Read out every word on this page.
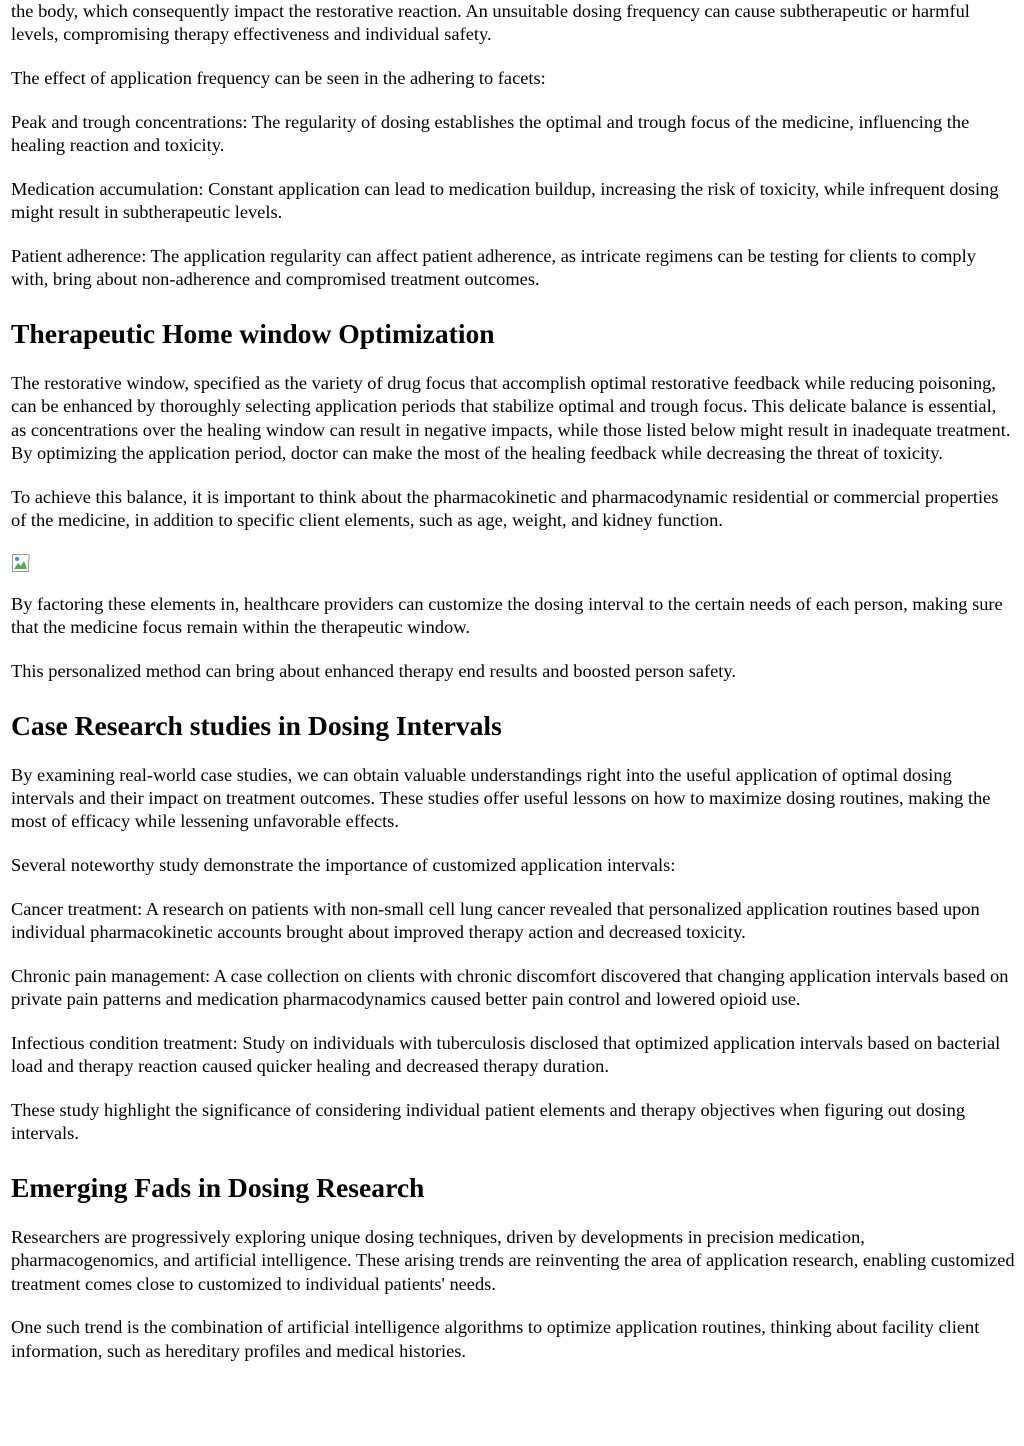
the body, which consequently impact the restorative reaction. An unsuitable dosing frequency can cause subtherapeutic or harmful levels, compromising therapy effectiveness and individual safety.

The effect of application frequency can be seen in the adhering to facets:

Peak and trough concentrations: The regularity of dosing establishes the optimal and trough focus of the medicine, influencing the healing reaction and toxicity.

Medication accumulation: Constant application can lead to medication buildup, increasing the risk of toxicity, while infrequent dosing might result in subtherapeutic levels.

Patient adherence: The application regularity can affect patient adherence, as intricate regimens can be testing for clients to comply with, bring about non-adherence and compromised treatment outcomes.

Therapeutic Home window Optimization

The restorative window, specified as the variety of drug focus that accomplish optimal restorative feedback while reducing poisoning, can be enhanced by thoroughly selecting application periods that stabilize optimal and trough focus. This delicate balance is essential, as concentrations over the healing window can result in negative impacts, while those listed below might result in inadequate treatment. By optimizing the application period, doctor can make the most of the healing feedback while decreasing the threat of toxicity.

To achieve this balance, it is important to think about the pharmacokinetic and pharmacodynamic residential or commercial properties of the medicine, in addition to specific client elements, such as age, weight, and kidney function.

By factoring these elements in, healthcare providers can customize the dosing interval to the certain needs of each person, making sure that the medicine focus remain within the therapeutic window.

This personalized method can bring about enhanced therapy end results and boosted person safety.

Case Research studies in Dosing Intervals

By examining real-world case studies, we can obtain valuable understandings right into the useful application of optimal dosing intervals and their impact on treatment outcomes. These studies offer useful lessons on how to maximize dosing routines, making the most of efficacy while lessening unfavorable effects.

Several noteworthy study demonstrate the importance of customized application intervals:

Cancer treatment: A research on patients with non-small cell lung cancer revealed that personalized application routines based upon individual pharmacokinetic accounts brought about improved therapy action and decreased toxicity.

Chronic pain management: A case collection on clients with chronic discomfort discovered that changing application intervals based on private pain patterns and medication pharmacodynamics caused better pain control and lowered opioid use.

Infectious condition treatment: Study on individuals with tuberculosis disclosed that optimized application intervals based on bacterial load and therapy reaction caused quicker healing and decreased therapy duration.

These study highlight the significance of considering individual patient elements and therapy objectives when figuring out dosing intervals.

Emerging Fads in Dosing Research

Researchers are progressively exploring unique dosing techniques, driven by developments in precision medication, pharmacogenomics, and artificial intelligence. These arising trends are reinventing the area of application research, enabling customized treatment comes close to customized to individual patients' needs.

One such trend is the combination of artificial intelligence algorithms to optimize application routines, thinking about facility client information, such as hereditary profiles and medical histories.
